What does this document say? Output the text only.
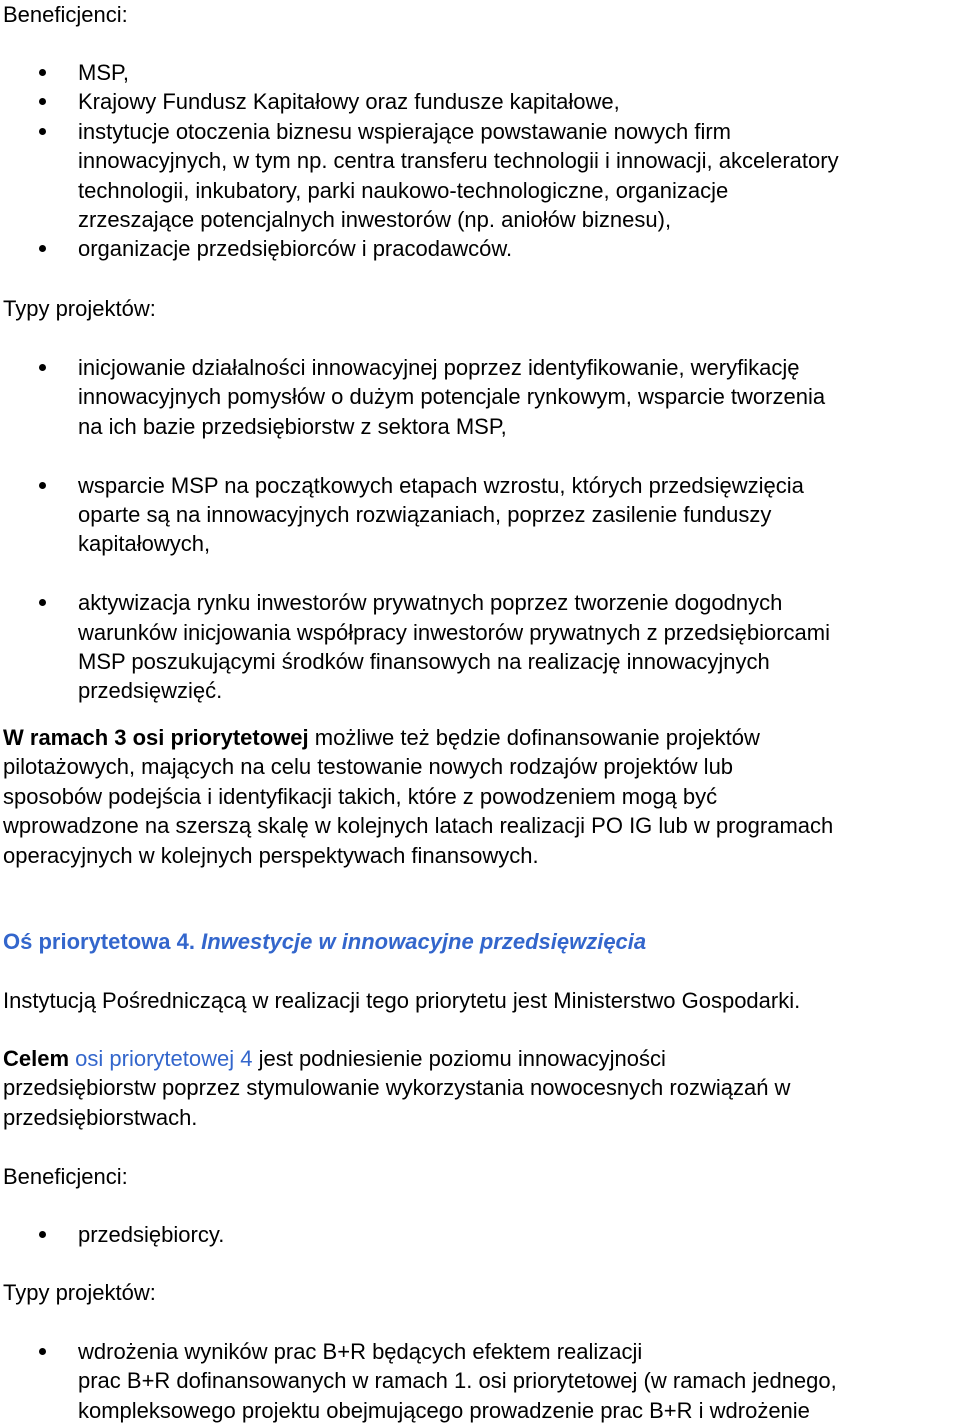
Beneficjenci:
MSP,
Krajowy Fundusz Kapitałowy oraz fundusze kapitałowe,
instytucje otoczenia biznesu wspierające powstawanie nowych firm
innowacyjnych, w tym np. centra transferu technologii i innowacji, akceleratory
technologii, inkubatory, parki naukowo-technologiczne, organizacje
zrzeszające potencjalnych inwestorów (np. aniołów biznesu),
organizacje przedsiębiorców i pracodawców.
Typy projektów:
inicjowanie działalności innowacyjnej poprzez identyfikowanie, weryfikację
innowacyjnych pomysłów o dużym potencjale rynkowym, wsparcie tworzenia
na ich bazie przedsiębiorstw z sektora MSP,
wsparcie MSP na początkowych etapach wzrostu, których przedsięwzięcia
oparte są na innowacyjnych rozwiązaniach, poprzez zasilenie funduszy
kapitałowych,
aktywizacja rynku inwestorów prywatnych poprzez tworzenie dogodnych
warunków inicjowania współpracy inwestorów prywatnych z przedsiębiorcami
MSP poszukującymi środków finansowych na realizację innowacyjnych
przedsięwzięć.
W ramach 3 osi priorytetowej możliwe też będzie dofinansowanie projektów
pilotażowych, mających na celu testowanie nowych rodzajów projektów lub
sposobów podejścia i identyfikacji takich, które z powodzeniem mogą być
wprowadzone na szerszą skalę w kolejnych latach realizacji PO IG lub w programach
operacyjnych w kolejnych perspektywach finansowych.
Oś priorytetowa 4. Inwestycje w innowacyjne przedsięwzięcia
Instytucją Pośredniczącą w realizacji tego priorytetu jest Ministerstwo Gospodarki.
Celem osi priorytetowej 4 jest podniesienie poziomu innowacyjności
przedsiębiorstw poprzez stymulowanie wykorzystania nowocesnych rozwiązań w
przedsiębiorstwach.
Beneficjenci:
przedsiębiorcy.
Typy projektów:
wdrożenia wyników prac B+R będących efektem realizacji
prac B+R dofinansowanych w ramach 1. osi priorytetowej (w ramach jednego,
kompleksowego projektu obejmującego prowadzenie prac B+R i wdrożenie
